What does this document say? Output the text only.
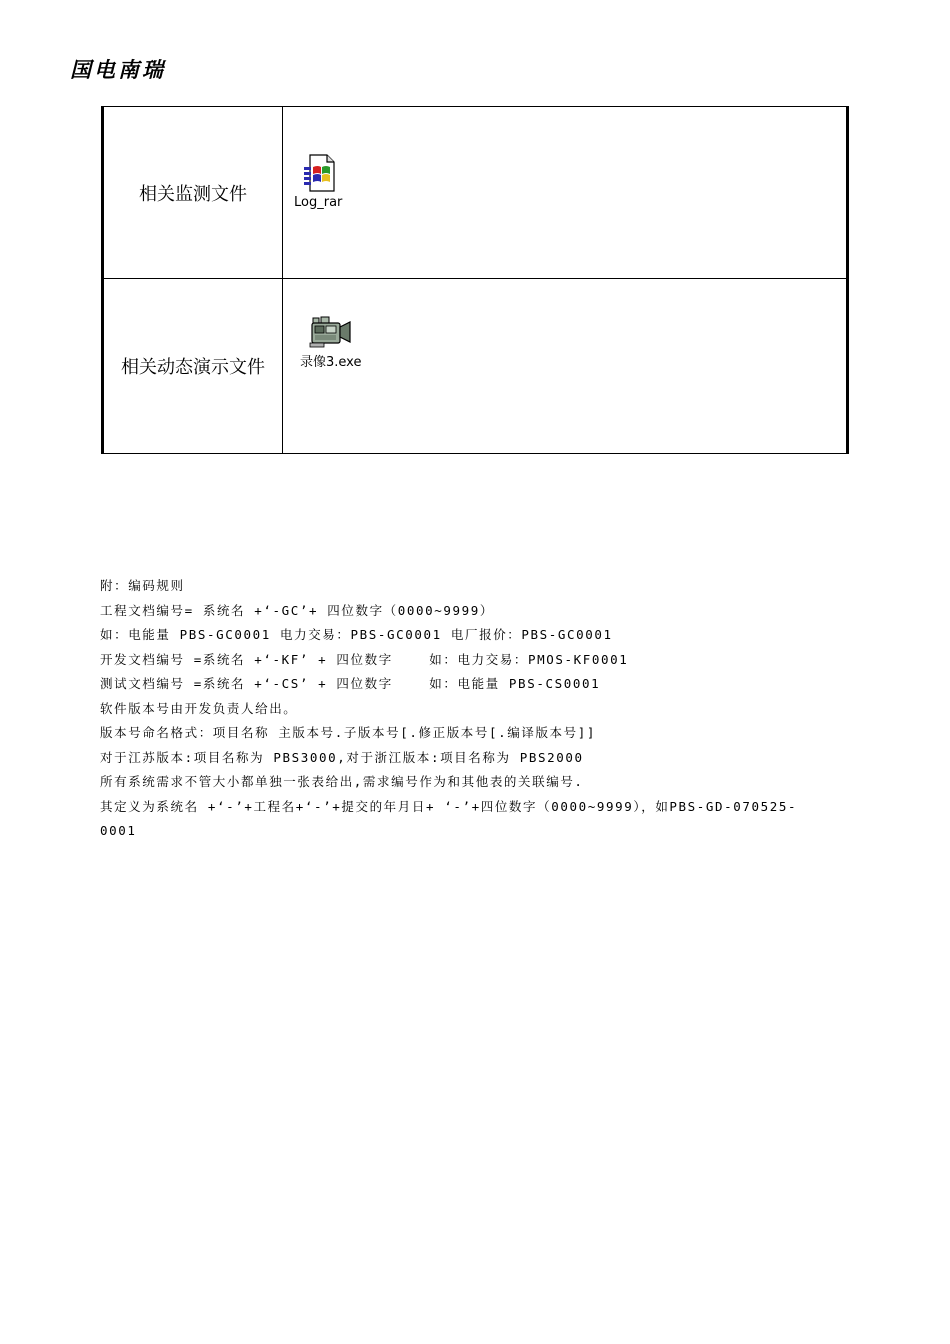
国电南瑞
相关监测文件	Log_rar

相关动态演示文件	录像3.exe

附：编码规则

工程文档编号= 系统名 +‘-GC’+ 四位数字（0000~9999）

如：电能量 PBS-GC0001 电力交易：PBS-GC0001 电厂报价：PBS-GC0001

开发文档编号 =系统名 +‘-KF’ + 四位数字    如：电力交易：PMOS-KF0001

测试文档编号 =系统名 +‘-CS’ + 四位数字    如：电能量 PBS-CS0001

软件版本号由开发负责人给出。

版本号命名格式：项目名称 主版本号.子版本号[.修正版本号[.编译版本号]]

对于江苏版本:项目名称为 PBS3000,对于浙江版本:项目名称为 PBS2000

所有系统需求不管大小都单独一张表给出,需求编号作为和其他表的关联编号.

其定义为系统名 +‘-’+工程名+‘-’+提交的年月日+ ‘-’+四位数字（0000~9999），如PBS-GD-070525-0001
